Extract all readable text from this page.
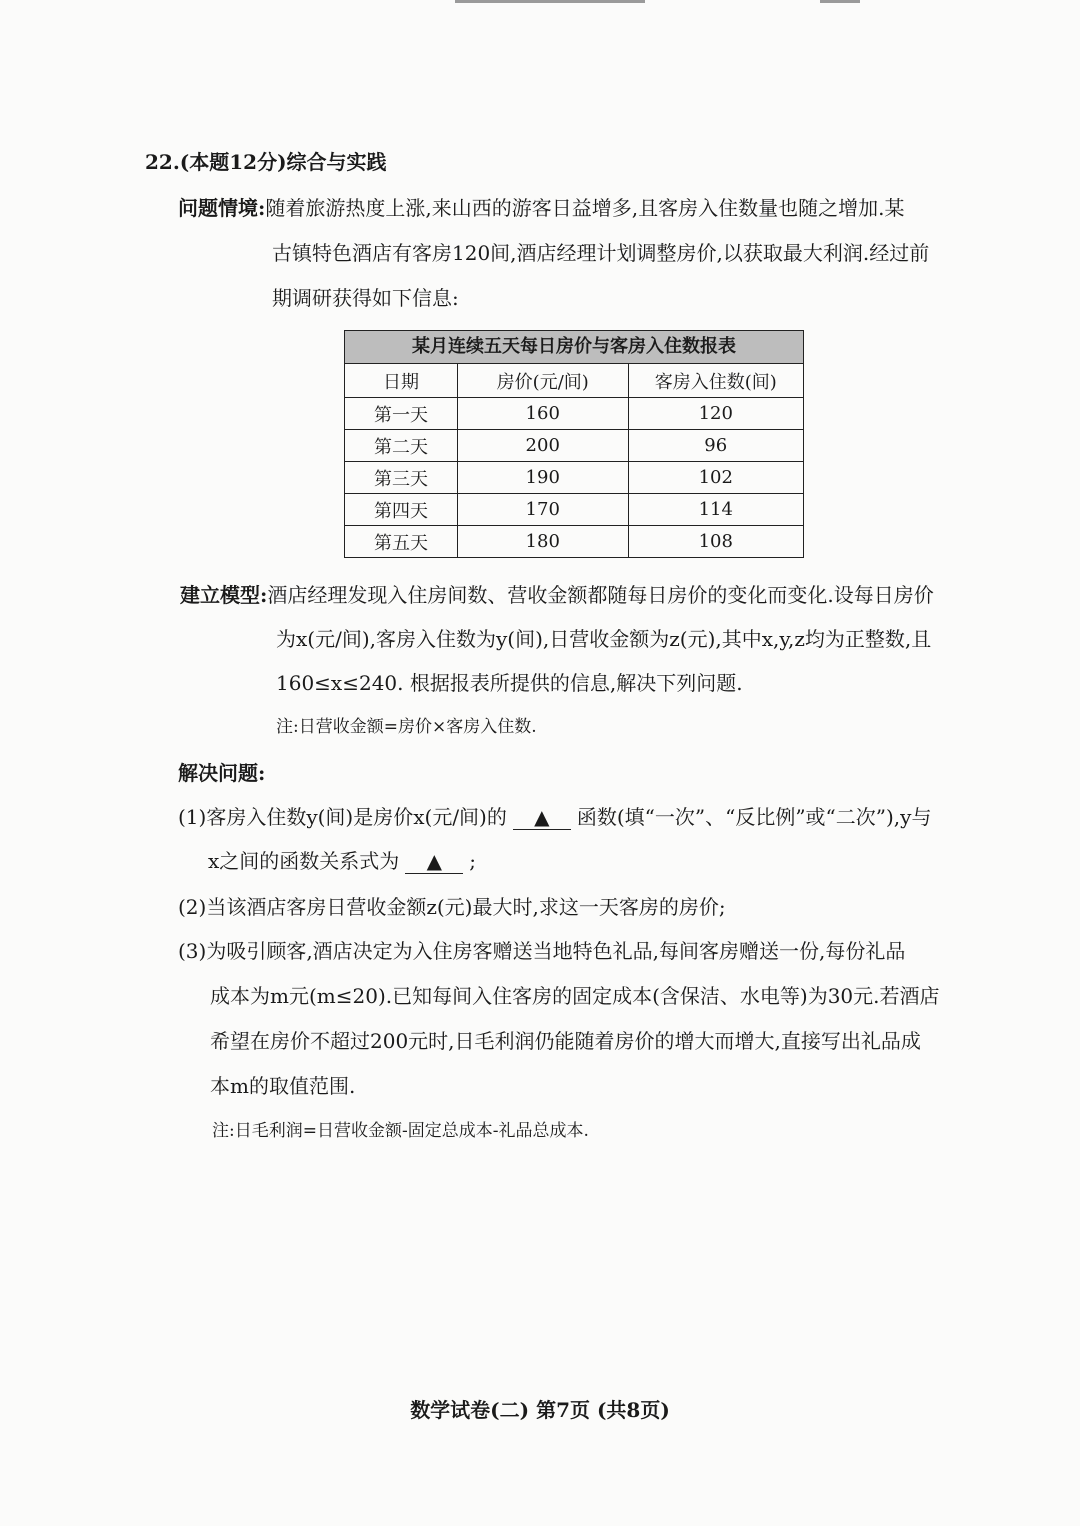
22.(本题12分)综合与实践
问题情境:随着旅游热度上涨,来山西的游客日益增多,且客房入住数量也随之增加.某
古镇特色酒店有客房120间,酒店经理计划调整房价,以获取最大利润.经过前
期调研获得如下信息:
某月连续五天每日房价与客房入住数报表
日期	房价(元/间)	客房入住数(间)
第一天	160	120
第二天	200	96
第三天	190	102
第四天	170	114
第五天	180	108
建立模型:酒店经理发现入住房间数、营收金额都随每日房价的变化而变化.设每日房价
为x(元/间),客房入住数为y(间),日营收金额为z(元),其中x,y,z均为正整数,且
160≤x≤240. 根据报表所提供的信息,解决下列问题.
注:日营收金额=房价×客房入住数.
解决问题:
(1)客房入住数y(间)是房价x(元/间)的 ▲ 函数(填“一次”、“反比例”或“二次”),y与
x之间的函数关系式为 ▲ ;
(2)当该酒店客房日营收金额z(元)最大时,求这一天客房的房价;
(3)为吸引顾客,酒店决定为入住房客赠送当地特色礼品,每间客房赠送一份,每份礼品
成本为m元(m≤20).已知每间入住客房的固定成本(含保洁、水电等)为30元.若酒店
希望在房价不超过200元时,日毛利润仍能随着房价的增大而增大,直接写出礼品成
本m的取值范围.
注:日毛利润=日营收金额-固定总成本-礼品总成本.
数学试卷(二) 第7页 (共8页)
